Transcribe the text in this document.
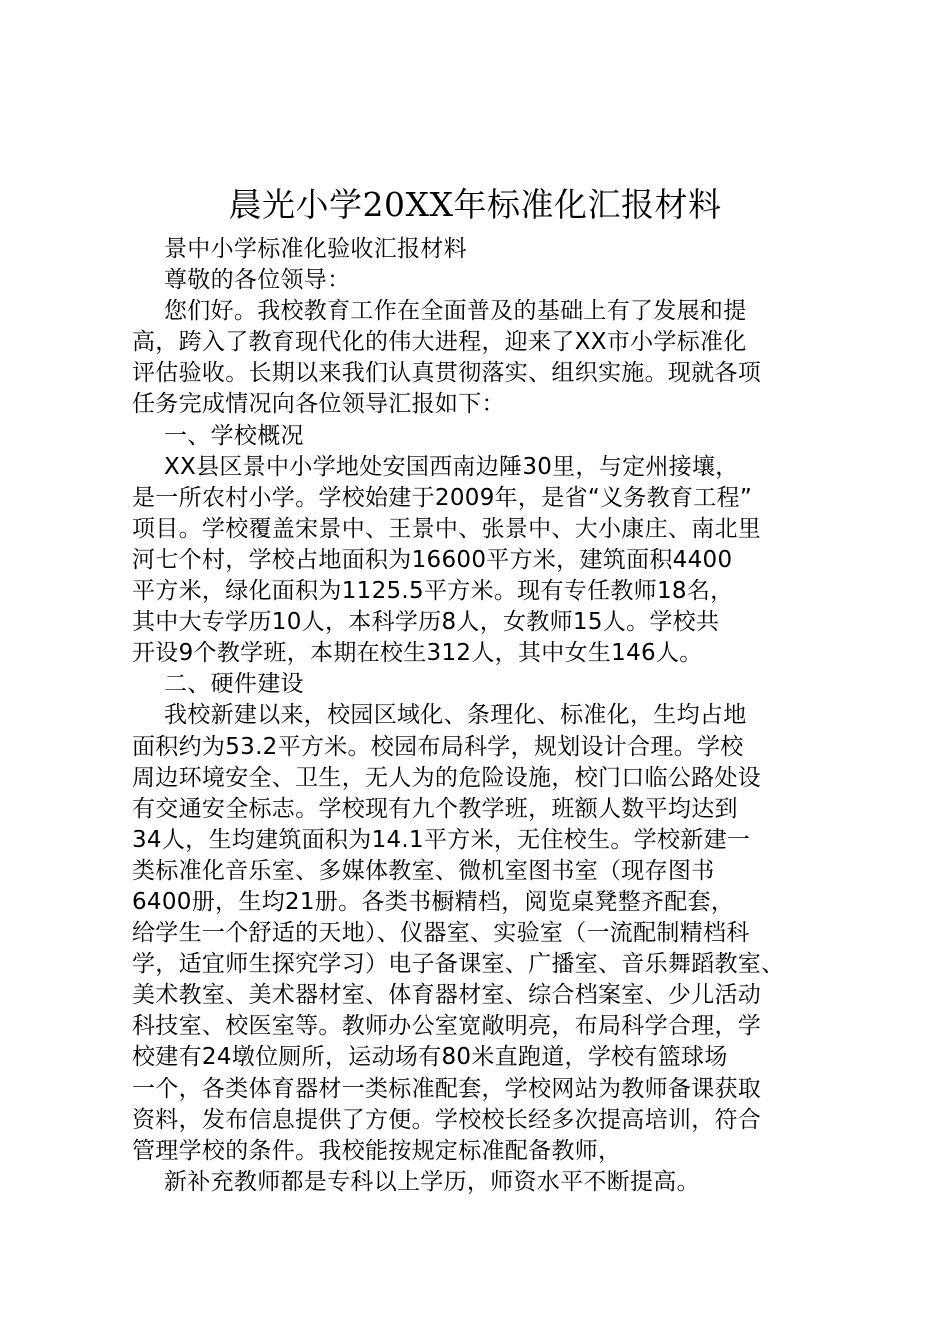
晨光小学20XX年标准化汇报材料
景中小学标准化验收汇报材料
尊敬的各位领导：
您们好。我校教育工作在全面普及的基础上有了发展和提
高，跨入了教育现代化的伟大进程，迎来了XX市小学标准化
评估验收。长期以来我们认真贯彻落实、组织实施。现就各项
任务完成情况向各位领导汇报如下：
一、学校概况
XX县区景中小学地处安国西南边陲30里，与定州接壤，
是一所农村小学。学校始建于2009年，是省“义务教育工程”
项目。学校覆盖宋景中、王景中、张景中、大小康庄、南北里
河七个村，学校占地面积为16600平方米，建筑面积4400
平方米，绿化面积为1125.5平方米。现有专任教师18名，
其中大专学历10人，本科学历8人，女教师15人。学校共
开设9个教学班，本期在校生312人，其中女生146人。
二、硬件建设
我校新建以来，校园区域化、条理化、标准化，生均占地
面积约为53.2平方米。校园布局科学，规划设计合理。学校
周边环境安全、卫生，无人为的危险设施，校门口临公路处设
有交通安全标志。学校现有九个教学班，班额人数平均达到
34人，生均建筑面积为14.1平方米，无住校生。学校新建一
类标准化音乐室、多媒体教室、微机室图书室（现存图书
6400册，生均21册。各类书橱精档，阅览桌凳整齐配套，
给学生一个舒适的天地）、仪器室、实验室（一流配制精档科
学，适宜师生探究学习）电子备课室、广播室、音乐舞蹈教室、
美术教室、美术器材室、体育器材室、综合档案室、少儿活动
科技室、校医室等。教师办公室宽敞明亮，布局科学合理，学
校建有24墩位厕所，运动场有80米直跑道，学校有篮球场
一个，各类体育器材一类标准配套，学校网站为教师备课获取
资料，发布信息提供了方便。学校校长经多次提高培训，符合
管理学校的条件。我校能按规定标准配备教师，
新补充教师都是专科以上学历，师资水平不断提高。
